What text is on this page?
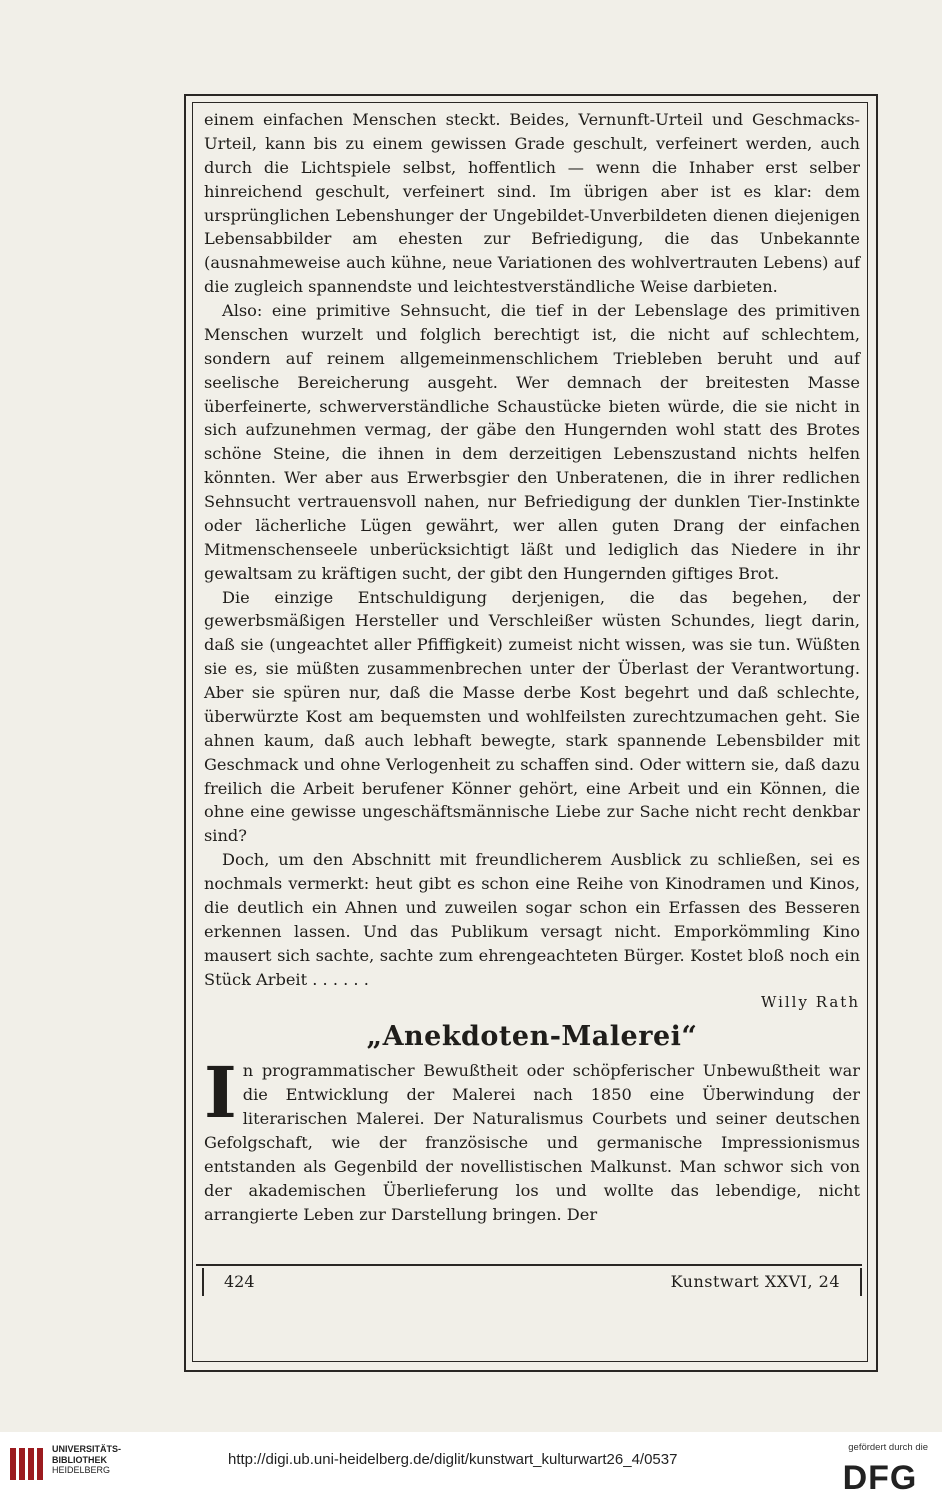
einem einfachen Menschen steckt. Beides, Vernunft-Urteil und Geschmacks-Urteil, kann bis zu einem gewissen Grade geschult, verfeinert werden, auch durch die Lichtspiele selbst, hoffentlich — wenn die Inhaber erst selber hinreichend geschult, verfeinert sind. Im übrigen aber ist es klar: dem ursprünglichen Lebenshunger der Ungebildet-Unverbildeten dienen diejenigen Lebensabbilder am ehesten zur Befriedigung, die das Unbekannte (ausnahmeweise auch kühne, neue Variationen des wohlvertrauten Lebens) auf die zugleich spannendste und leichtestverständliche Weise darbieten.

Also: eine primitive Sehnsucht, die tief in der Lebenslage des primitiven Menschen wurzelt und folglich berechtigt ist, die nicht auf schlechtem, sondern auf reinem allgemeinmenschlichem Triebleben beruht und auf seelische Bereicherung ausgeht. Wer demnach der breitesten Masse überfeinerte, schwerverständliche Schaustücke bieten würde, die sie nicht in sich aufzunehmen vermag, der gäbe den Hungernden wohl statt des Brotes schöne Steine, die ihnen in dem derzeitigen Lebenszustand nichts helfen könnten. Wer aber aus Erwerbsgier den Unberatenen, die in ihrer redlichen Sehnsucht vertrauensvoll nahen, nur Befriedigung der dunklen Tier-Instinkte oder lächerliche Lügen gewährt, wer allen guten Drang der einfachen Mitmenschenseele unberücksichtigt läßt und lediglich das Niedere in ihr gewaltsam zu kräftigen sucht, der gibt den Hungernden giftiges Brot.

Die einzige Entschuldigung derjenigen, die das begehen, der gewerbsmäßigen Hersteller und Verschleißer wüsten Schundes, liegt darin, daß sie (ungeachtet aller Pfiffigkeit) zumeist nicht wissen, was sie tun. Wüßten sie es, sie müßten zusammenbrechen unter der Überlast der Verantwortung. Aber sie spüren nur, daß die Masse derbe Kost begehrt und daß schlechte, überwürzte Kost am bequemsten und wohlfeilsten zurechtzumachen geht. Sie ahnen kaum, daß auch lebhaft bewegte, stark spannende Lebensbilder mit Geschmack und ohne Verlogenheit zu schaffen sind. Oder wittern sie, daß dazu freilich die Arbeit berufener Könner gehört, eine Arbeit und ein Können, die ohne eine gewisse ungeschäftsmännische Liebe zur Sache nicht recht denkbar sind?

Doch, um den Abschnitt mit freundlicherem Ausblick zu schließen, sei es nochmals vermerkt: heut gibt es schon eine Reihe von Kinodramen und Kinos, die deutlich ein Ahnen und zuweilen sogar schon ein Erfassen des Besseren erkennen lassen. Und das Publikum versagt nicht. Emporkömmling Kino mausert sich sachte, sachte zum ehrengeachteten Bürger. Kostet bloß noch ein Stück Arbeit . . . . . .

Willy Rath

„Anekdoten-Malerei“

In programmatischer Bewußtheit oder schöpferischer Unbewußtheit war die Entwicklung der Malerei nach 1850 eine Überwindung der literarischen Malerei. Der Naturalismus Courbets und seiner deutschen Gefolgschaft, wie der französische und germanische Impressionismus entstanden als Gegenbild der novellistischen Malkunst. Man schwor sich von der akademischen Überlieferung los und wollte das lebendige, nicht arrangierte Leben zur Darstellung bringen. Der

424	Kunstwart XXVI, 24
UNIVERSITÄTS-
BIBLIOTHEK
HEIDELBERG
http://digi.ub.uni-heidelberg.de/diglit/kunstwart_kulturwart26_4/0537
gefördert durch die
DFG
